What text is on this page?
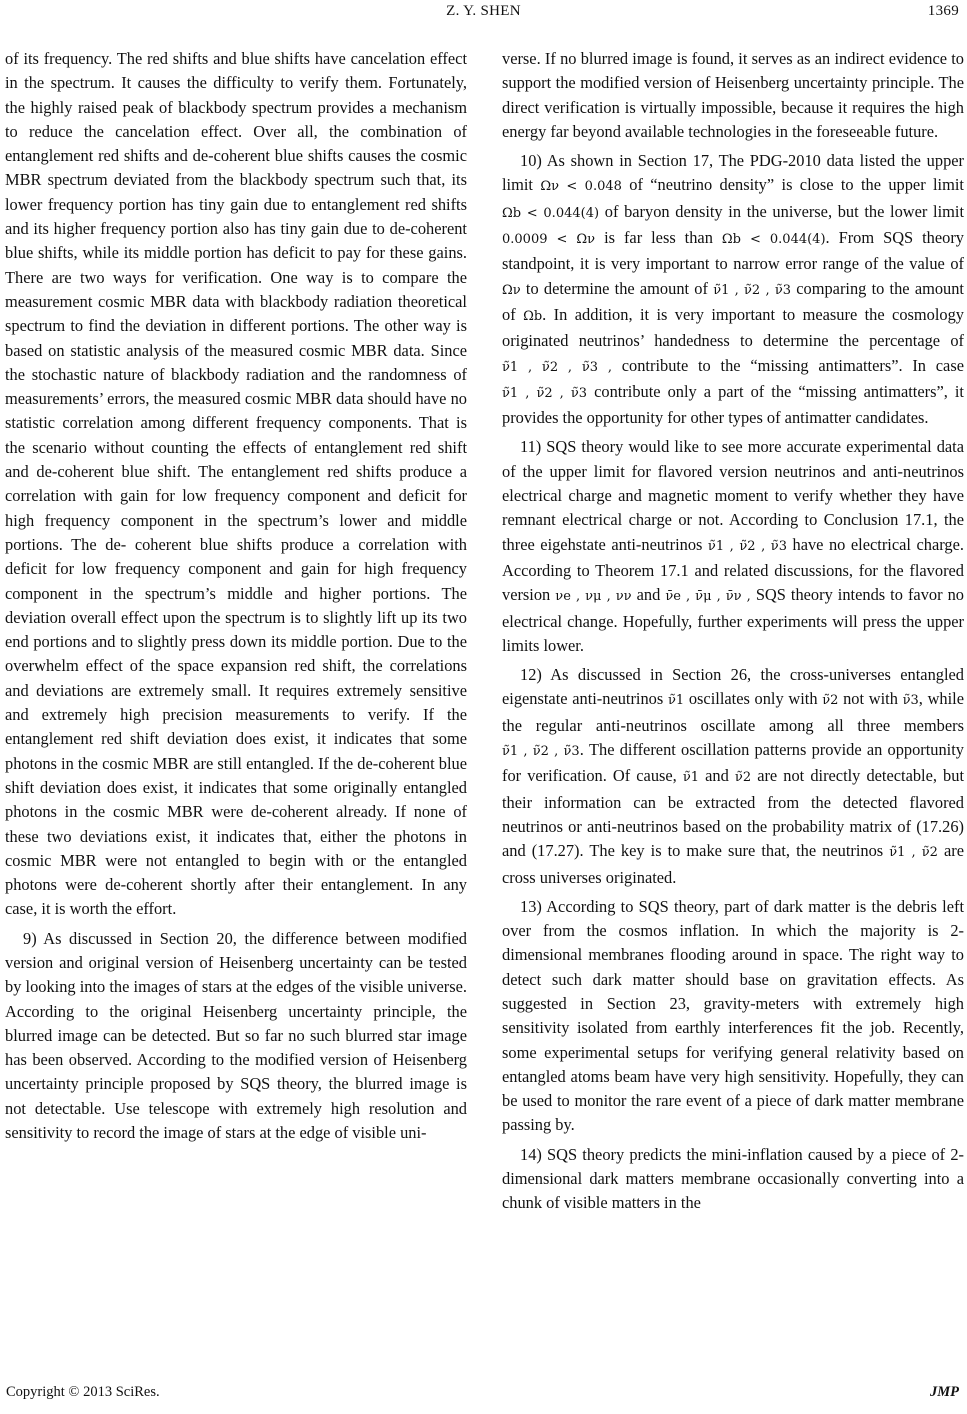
Z. Y. SHEN	1369

of its frequency. The red shifts and blue shifts have cancelation effect in the spectrum. It causes the difficulty to verify them. Fortunately, the highly raised peak of blackbody spectrum provides a mechanism to reduce the cancelation effect. Over all, the combination of entanglement red shifts and de-coherent blue shifts causes the cosmic MBR spectrum deviated from the blackbody spectrum such that, its lower frequency portion has tiny gain due to entanglement red shifts and its higher frequency portion also has tiny gain due to de-coherent blue shifts, while its middle portion has deficit to pay for these gains. There are two ways for verification. One way is to compare the measurement cosmic MBR data with blackbody radiation theoretical spectrum to find the deviation in different portions. The other way is based on statistic analysis of the measured cosmic MBR data. Since the stochastic nature of blackbody radiation and the randomness of measurements’ errors, the measured cosmic MBR data should have no statistic correlation among different frequency components. That is the scenario without counting the effects of entanglement red shift and de-coherent blue shift. The entanglement red shifts produce a correlation with gain for low frequency component and deficit for high frequency component in the spectrum’s lower and middle portions. The de- coherent blue shifts produce a correlation with deficit for low frequency component and gain for high frequency component in the spectrum’s middle and higher portions. The deviation overall effect upon the spectrum is to slightly lift up its two end portions and to slightly press down its middle portion. Due to the overwhelm effect of the space expansion red shift, the correlations and deviations are extremely small. It requires extremely sensitive and extremely high precision measurements to verify. If the entanglement red shift deviation does exist, it indicates that some photons in the cosmic MBR are still entangled. If the de-coherent blue shift deviation does exist, it indicates that some originally entangled photons in the cosmic MBR were de-coherent already. If none of these two deviations exist, it indicates that, either the photons in cosmic MBR were not entangled to begin with or the entangled photons were de-coherent shortly after their entanglement. In any case, it is worth the effort.

9) As discussed in Section 20, the difference between modified version and original version of Heisenberg uncertainty can be tested by looking into the images of stars at the edges of the visible universe. According to the original Heisenberg uncertainty principle, the blurred image can be detected. But so far no such blurred star image has been observed. According to the modified version of Heisenberg uncertainty principle proposed by SQS theory, the blurred image is not detectable. Use telescope with extremely high resolution and sensitivity to record the image of stars at the edge of visible uni-

verse. If no blurred image is found, it serves as an indirect evidence to support the modified version of Heisenberg uncertainty principle. The direct verification is virtually impossible, because it requires the high energy far beyond available technologies in the foreseeable future.

10) As shown in Section 17, The PDG-2010 data listed the upper limit Ων < 0.048 of “neutrino density” is close to the upper limit Ωb < 0.044(4) of baryon density in the universe, but the lower limit 0.0009 < Ων is far less than Ωb < 0.044(4). From SQS theory standpoint, it is very important to narrow error range of the value of Ων to determine the amount of ν̃1 , ν̃2 , ν̃3 comparing to the amount of Ωb. In addition, it is very important to measure the cosmology originated neutrinos’ handedness to determine the percentage of ν̃1 , ν̃2 , ν̃3 , contribute to the “missing antimatters”. In case ν̃1 , ν̃2 , ν̃3 contribute only a part of the “missing antimatters”, it provides the opportunity for other types of antimatter candidates.

11) SQS theory would like to see more accurate experimental data of the upper limit for flavored version neutrinos and anti-neutrinos electrical charge and magnetic moment to verify whether they have remnant electrical charge or not. According to Conclusion 17.1, the three eigehstate anti-neutrinos ν̃1 , ν̃2 , ν̃3 have no electrical charge. According to Theorem 17.1 and related discussions, for the flavored version νe , νμ , νν and ν̄e , ν̄μ , ν̄ν , SQS theory intends to favor no electrical change. Hopefully, further experiments will press the upper limits lower.

12) As discussed in Section 26, the cross-universes entangled eigenstate anti-neutrinos ν̃1 oscillates only with ν̃2 not with ν̃3, while the regular anti-neutrinos oscillate among all three members ν̃1 , ν̃2 , ν̃3. The different oscillation patterns provide an opportunity for verification. Of cause, ν̃1 and ν̃2 are not directly detectable, but their information can be extracted from the detected flavored neutrinos or anti-neutrinos based on the probability matrix of (17.26) and (17.27). The key is to make sure that, the neutrinos ν̃1 , ν̃2 are cross universes originated.

13) According to SQS theory, part of dark matter is the debris left over from the cosmos inflation. In which the majority is 2-dimensional membranes flooding around in space. The right way to detect such dark matter should base on gravitation effects. As suggested in Section 23, gravity-meters with extremely high sensitivity isolated from earthly interferences fit the job. Recently, some experimental setups for verifying general relativity based on entangled atoms beam have very high sensitivity. Hopefully, they can be used to monitor the rare event of a piece of dark matter membrane passing by.

14) SQS theory predicts the mini-inflation caused by a piece of 2-dimensional dark matters membrane occasionally converting into a chunk of visible matters in the

Copyright © 2013 SciRes.	JMP
